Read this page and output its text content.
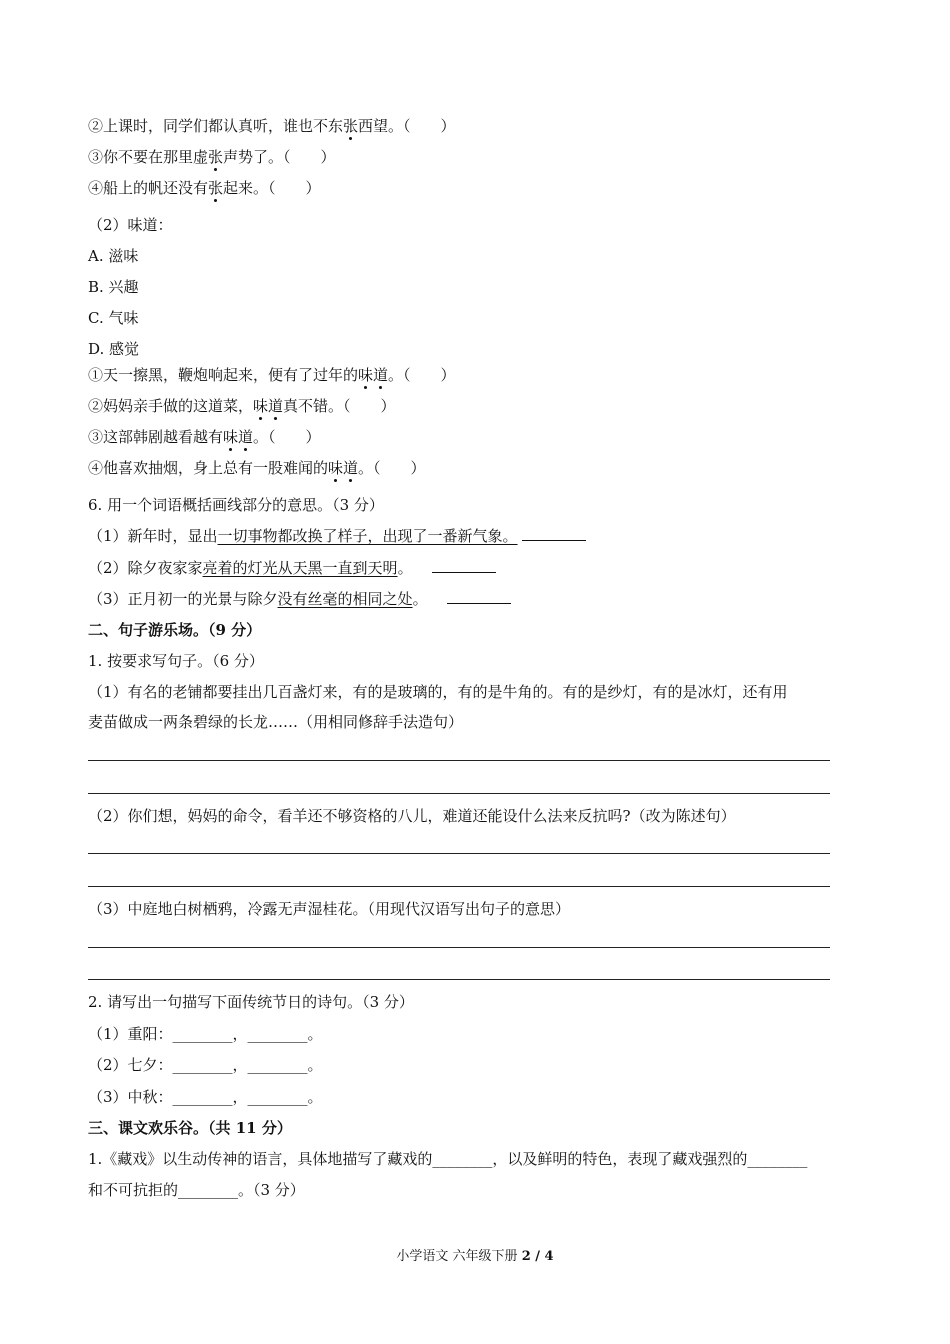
②上课时，同学们都认真听，谁也不东张西望。（　　）
③你不要在那里虚张声势了。（　　）
④船上的帆还没有张起来。（　　）
（2）味道：
A. 滋味
B. 兴趣
C. 气味
D. 感觉
①天一擦黑，鞭炮响起来，便有了过年的味道。（　　）
②妈妈亲手做的这道菜，味道真不错。（　　）
③这部韩剧越看越有味道。（　　）
④他喜欢抽烟，身上总有一股难闻的味道。（　　）
6. 用一个词语概括画线部分的意思。（3 分）
（1）新年时，显出一切事物都改换了样子，出现了一番新气象。
（2）除夕夜家家亮着的灯光从天黑一直到天明。
（3）正月初一的光景与除夕没有丝毫的相同之处。
二、句子游乐场。（9 分）
1. 按要求写句子。（6 分）
（1）有名的老铺都要挂出几百盏灯来，有的是玻璃的，有的是牛角的。有的是纱灯，有的是冰灯，还有用
麦苗做成一两条碧绿的长龙……（用相同修辞手法造句）
（2）你们想，妈妈的命令，看羊还不够资格的八儿，难道还能设什么法来反抗吗?（改为陈述句）
（3）中庭地白树栖鸦，冷露无声湿桂花。（用现代汉语写出句子的意思）
2. 请写出一句描写下面传统节日的诗句。（3 分）
（1）重阳：________，________。
（2）七夕：________，________。
（3）中秋：________，________。
三、课文欢乐谷。（共 11 分）
1.《藏戏》以生动传神的语言，具体地描写了藏戏的________，以及鲜明的特色，表现了藏戏强烈的________
和不可抗拒的________。（3 分）
小学语文 六年级下册 2 / 4
